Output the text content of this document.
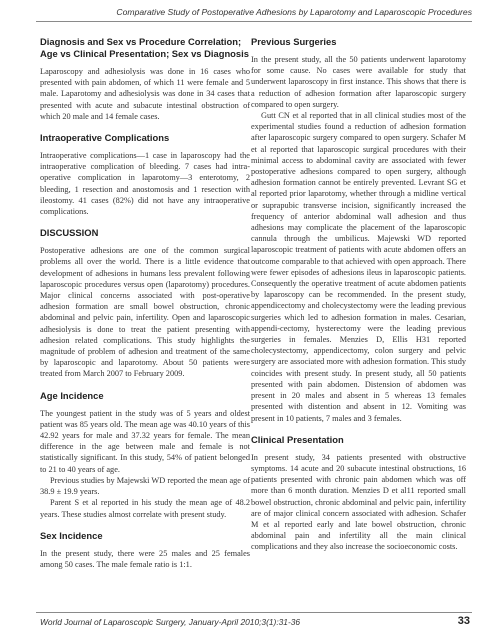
Comparative Study of Postoperative Adhesions by Laparotomy and Laparoscopic Procedures
Diagnosis and Sex vs Procedure Correlation; Age vs Clinical Presentation; Sex vs Diagnosis

Laparoscopy and adhesiolysis was done in 16 cases who presented with pain abdomen, of which 11 were female and 5 male. Laparotomy and adhesiolysis was done in 34 cases that presented with acute and subacute intestinal obstruction of which 20 male and 14 female cases.

Intraoperative Complications

Intraoperative complications—1 case in laparoscopy had the intraoperative complication of bleeding. 7 cases had intra-operative complication in laparotomy—3 enterotomy, 2 bleeding, 1 resection and anostomosis and 1 resection with ileostomy. 41 cases (82%) did not have any intraoperative complications.

DISCUSSION

Postoperative adhesions are one of the common surgical problems all over the world. There is a little evidence that development of adhesions in humans less prevalent following laparoscopic procedures versus open (laparotomy) procedures. Major clinical concerns associated with post-operative adhesion formation are small bowel obstruction, chronic abdominal and pelvic pain, infertility. Open and laparoscopic adhesiolysis is done to treat the patient presenting with adhesion related complications. This study highlights the magnitude of problem of adhesion and treatment of the same by laparoscopic and laparotomy. About 50 patients were treated from March 2007 to February 2009.

Age Incidence

The youngest patient in the study was of 5 years and oldest patient was 85 years old. The mean age was 40.10 years of this 42.92 years for male and 37.32 years for female. The mean difference in the age between male and female is not statistically significant. In this study, 54% of patient belonged to 21 to 40 years of age.

Previous studies by Majewski WD reported the mean age of 38.9 ± 19.9 years.

Parent S et al reported in his study the mean age of 48.2 years. These studies almost correlate with present study.

Sex Incidence

In the present study, there were 25 males and 25 females among 50 cases. The male female ratio is 1:1.

Previous Surgeries

In the present study, all the 50 patients underwent laparotomy for some cause. No cases were available for study that underwent laparoscopy in first instance. This shows that there is a reduction of adhesion formation after laparoscopic surgery compared to open surgery.

Gutt CN et al reported that in all clinical studies most of the experimental studies found a reduction of adhesion formation after laparoscopic surgery compared to open surgery. Schafer M et al reported that laparoscopic surgical procedures with their minimal access to abdominal cavity are associated with fewer postoperative adhesions compared to open surgery, although adhesion formation cannot be entirely prevented. Levrant SG et al reported prior laparotomy, whether through a midline vertical or suprapubic transverse incision, significantly increased the frequency of anterior abdominal wall adhesion and thus adhesions may complicate the placement of the laparoscopic cannula through the umbilicus. Majewski WD reported laparoscopic treatment of patients with acute abdomen offers an outcome comparable to that achieved with open approach. There were fewer episodes of adhesions ileus in laparoscopic patients. Consequently the operative treatment of acute abdomen patients by laparoscopy can be recommended. In the present study, appendicectomy and cholecystectomy were the leading previous surgeries which led to adhesion formation in males. Cesarian, appendi-cectomy, hysterectomy were the leading previous surgeries in females. Menzies D, Ellis H31 reported cholecystectomy, appendicectomy, colon surgery and pelvic surgery are associated more with adhesion formation. This study coincides with present study. In present study, all 50 patients presented with pain abdomen. Distension of abdomen was present in 20 males and absent in 5 whereas 13 females presented with distention and absent in 12. Vomiting was present in 10 patients, 7 males and 3 females.

Clinical Presentation

In present study, 34 patients presented with obstructive symptoms. 14 acute and 20 subacute intestinal obstructions, 16 patients presented with chronic pain abdomen which was off more than 6 month duration. Menzies D et al11 reported small bowel obstruction, chronic abdominal and pelvic pain, infertility are of major clinical concern associated with adhesion. Schafer M et al reported early and late bowel obstruction, chronic abdominal pain and infertility all the main clinical complications and they also increase the socioeconomic costs.

World Journal of Laparoscopic Surgery, January-April 2010;3(1):31-36	33
